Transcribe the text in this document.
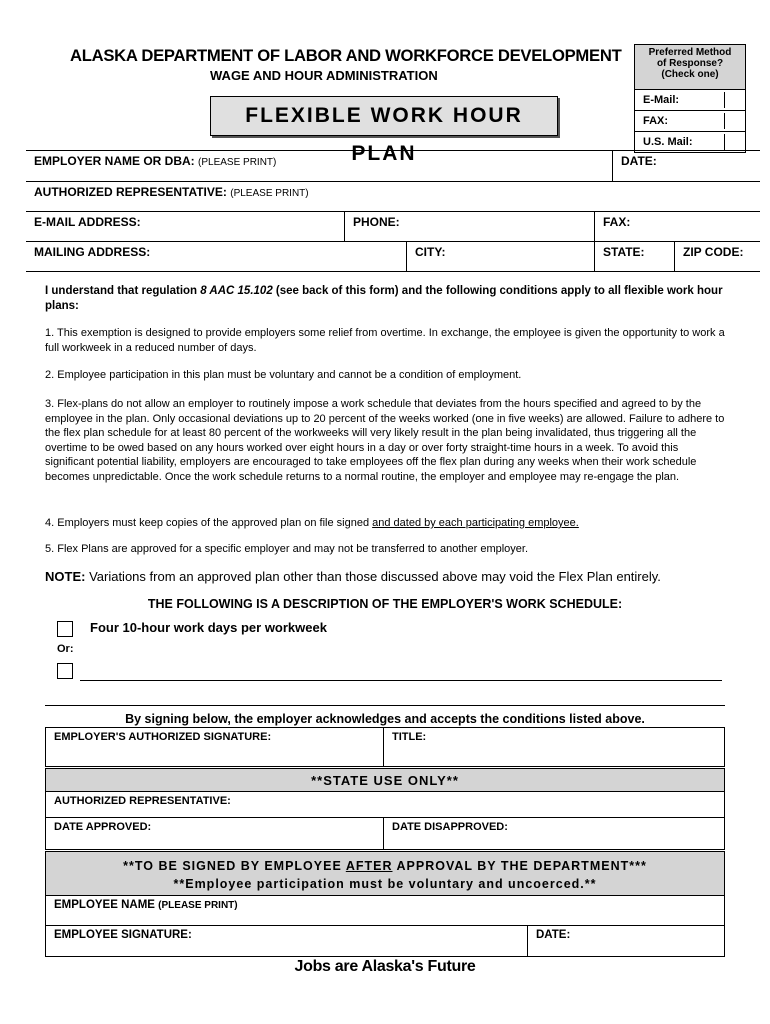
ALASKA DEPARTMENT OF LABOR AND WORKFORCE DEVELOPMENT
WAGE AND HOUR ADMINISTRATION
FLEXIBLE WORK HOUR PLAN
Preferred Method
of Response?
(Check one)
E-Mail:
FAX:
U.S. Mail:
EMPLOYER NAME OR DBA: (PLEASE PRINT)	DATE:
AUTHORIZED REPRESENTATIVE: (PLEASE PRINT)
E-MAIL ADDRESS:	PHONE:	FAX:
MAILING ADDRESS:	CITY:	STATE:	ZIP CODE:
I understand that regulation 8 AAC 15.102 (see back of this form) and the following conditions apply to all flexible work hour plans:
1. This exemption is designed to provide employers some relief from overtime. In exchange, the employee is given the opportunity to work a full workweek in a reduced number of days.
2. Employee participation in this plan must be voluntary and cannot be a condition of employment.
3. Flex-plans do not allow an employer to routinely impose a work schedule that deviates from the hours specified and agreed to by the employee in the plan. Only occasional deviations up to 20 percent of the weeks worked (one in five weeks) are allowed. Failure to adhere to the flex plan schedule for at least 80 percent of the workweeks will very likely result in the plan being invalidated, thus triggering all the overtime to be owed based on any hours worked over eight hours in a day or over forty straight-time hours in a week. To avoid this significant potential liability, employers are encouraged to take employees off the flex plan during any weeks when their work schedule becomes unpredictable. Once the work schedule returns to a normal routine, the employer and employee may re-engage the plan.
4. Employers must keep copies of the approved plan on file signed and dated by each participating employee.
5. Flex Plans are approved for a specific employer and may not be transferred to another employer.
NOTE: Variations from an approved plan other than those discussed above may void the Flex Plan entirely.
THE FOLLOWING IS A DESCRIPTION OF THE EMPLOYER'S WORK SCHEDULE:
Four 10-hour work days per workweek
Or:
By signing below, the employer acknowledges and accepts the conditions listed above.
EMPLOYER'S AUTHORIZED SIGNATURE:	TITLE:
**STATE USE ONLY**
AUTHORIZED REPRESENTATIVE:
DATE APPROVED:	DATE DISAPPROVED:
**TO BE SIGNED BY EMPLOYEE AFTER APPROVAL BY THE DEPARTMENT***
**Employee participation must be voluntary and uncoerced.**
EMPLOYEE NAME (PLEASE PRINT)
EMPLOYEE SIGNATURE:	DATE:
Jobs are Alaska's Future
